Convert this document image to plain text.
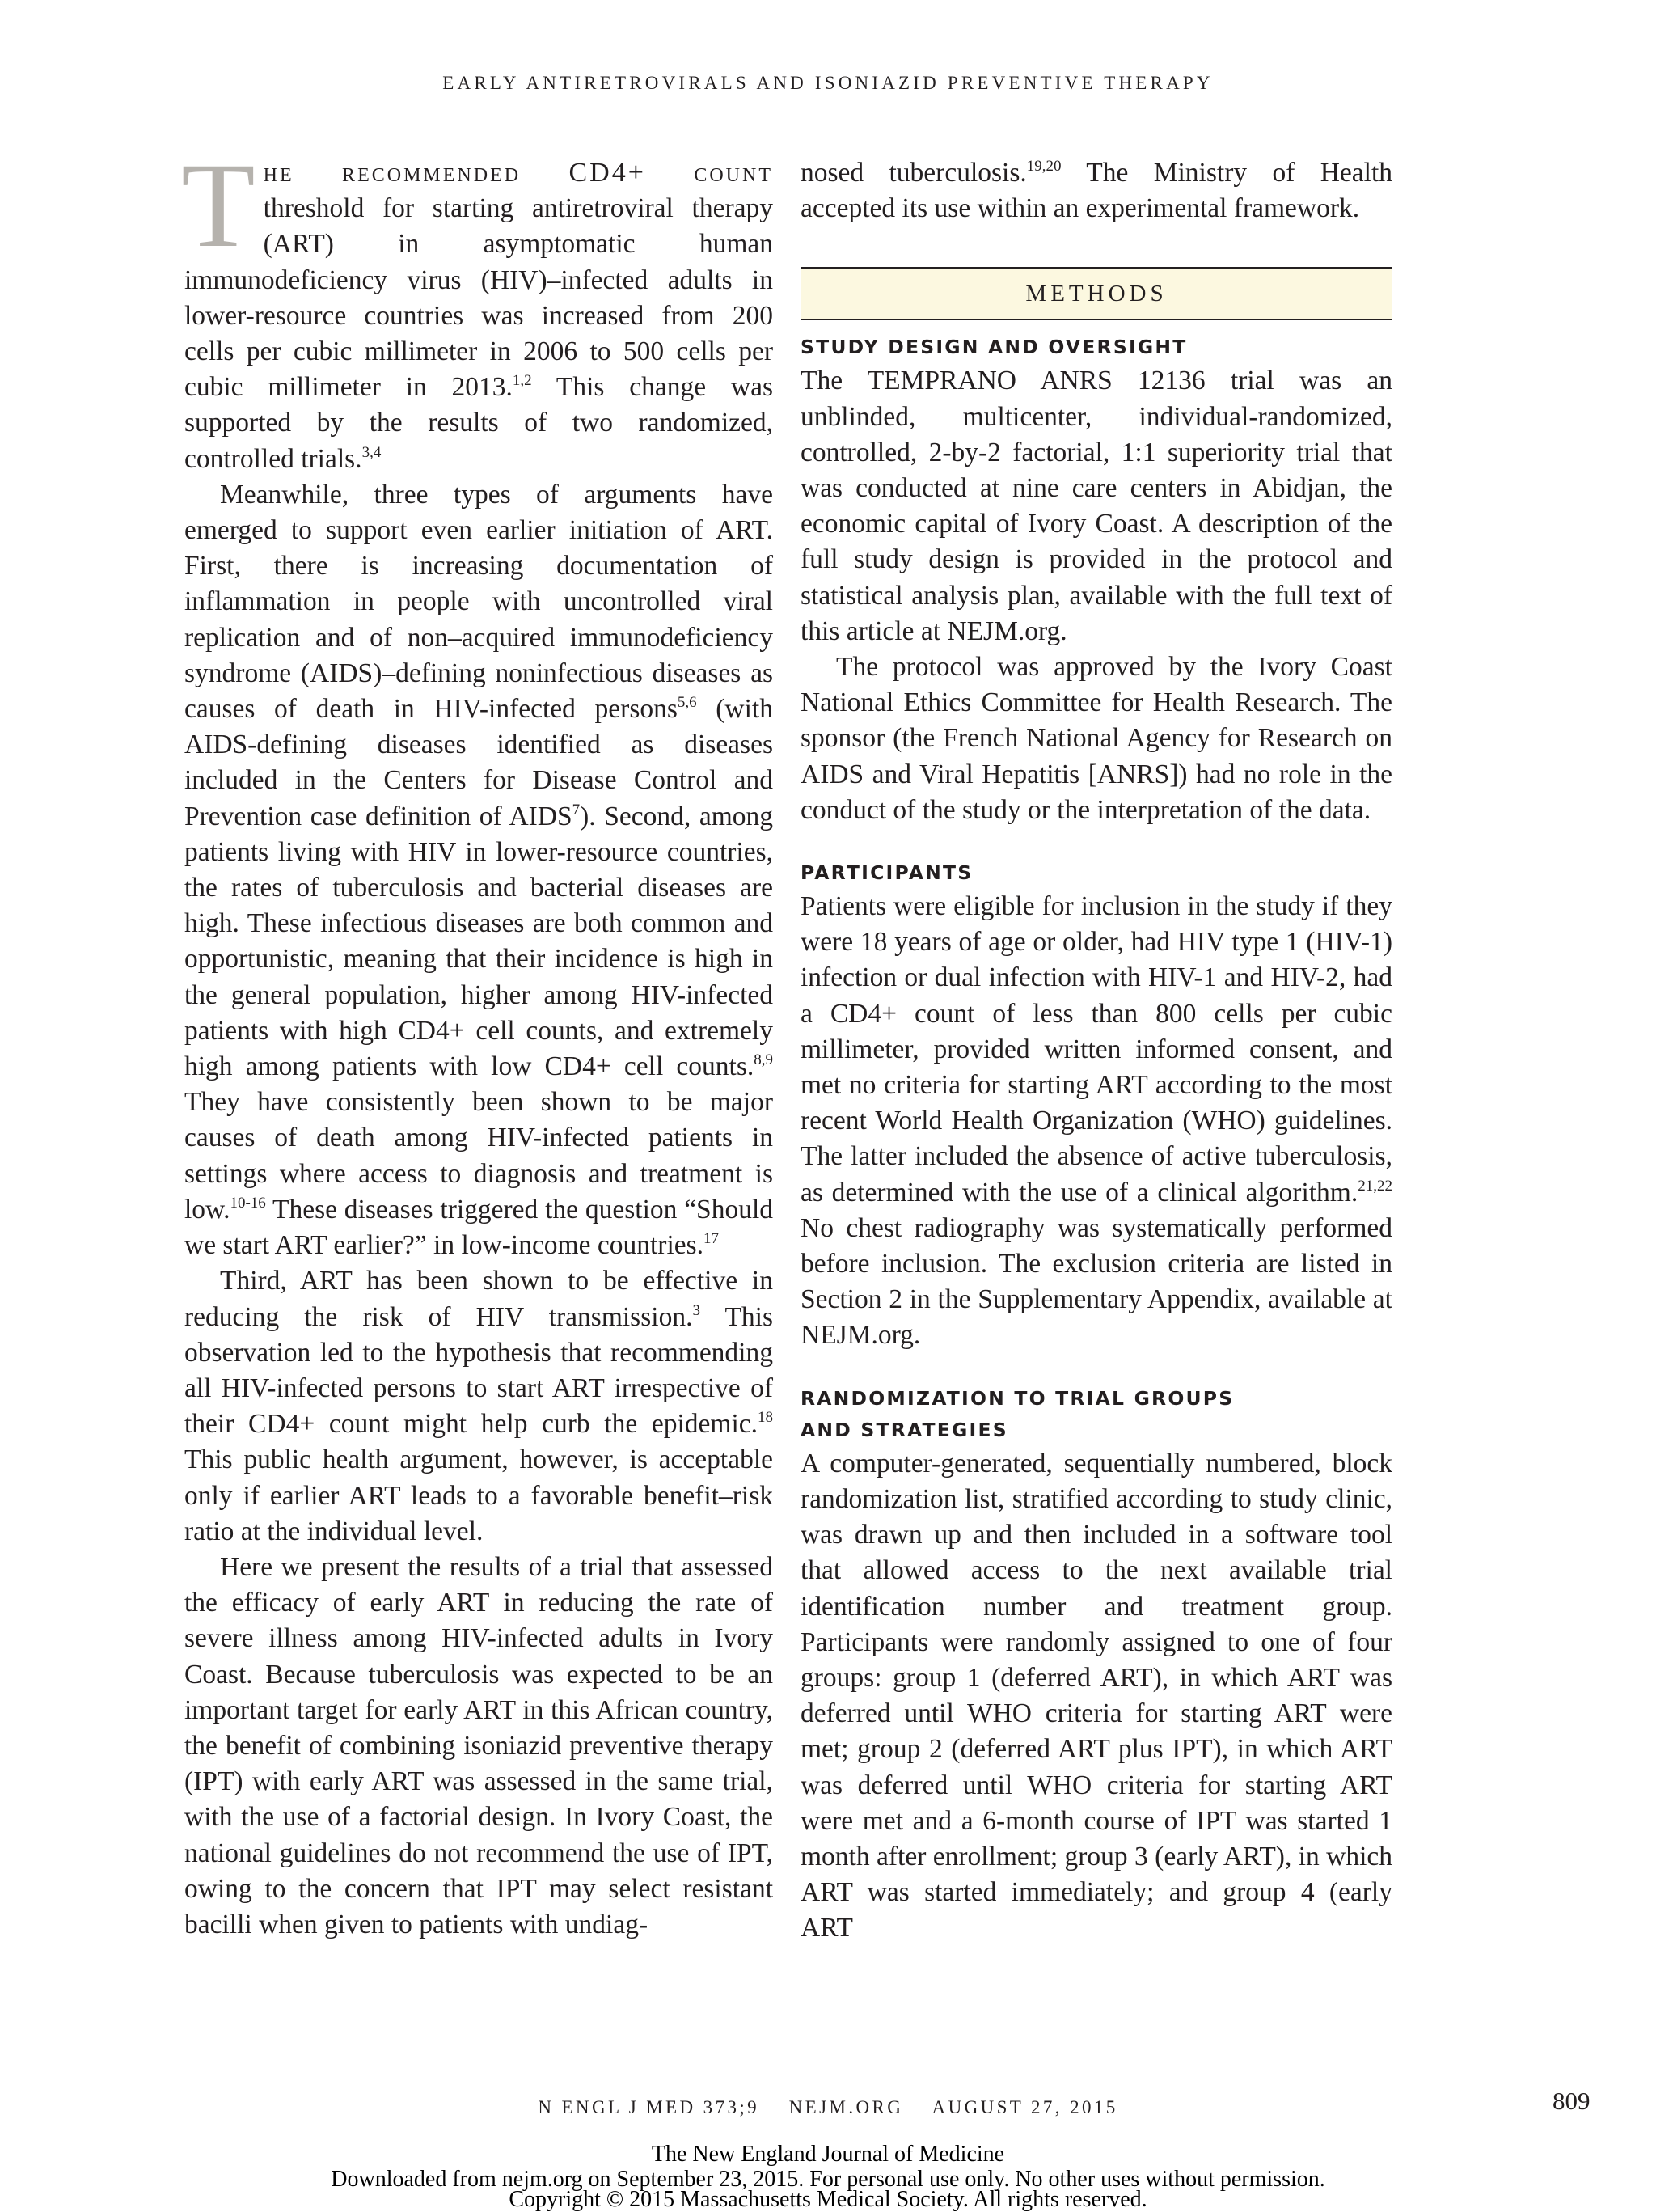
EARLY ANTIRETROVIRALS AND ISONIAZID PREVENTIVE THERAPY

The recommended CD4+ count threshold for starting antiretroviral therapy (ART) in asymptomatic human immunodeficiency virus (HIV)–infected adults in lower-resource countries was increased from 200 cells per cubic millimeter in 2006 to 500 cells per cubic millimeter in 2013.$^{1,2}$ This change was supported by the results of two randomized, controlled trials.$^{3,4}$

Meanwhile, three types of arguments have emerged to support even earlier initiation of ART. First, there is increasing documentation of inflammation in people with uncontrolled viral replication and of non–acquired immunodeficiency syndrome (AIDS)–defining noninfectious diseases as causes of death in HIV-infected persons$^{5,6}$ (with AIDS-defining diseases identified as diseases included in the Centers for Disease Control and Prevention case definition of AIDS$^7$). Second, among patients living with HIV in lower-resource countries, the rates of tuberculosis and bacterial diseases are high. These infectious diseases are both common and opportunistic, meaning that their incidence is high in the general population, higher among HIV-infected patients with high CD4+ cell counts, and extremely high among patients with low CD4+ cell counts.$^{8,9}$ They have consistently been shown to be major causes of death among HIV-infected patients in settings where access to diagnosis and treatment is low.$^{10-16}$ These diseases triggered the question “Should we start ART earlier?” in low-income countries.$^{17}$

Third, ART has been shown to be effective in reducing the risk of HIV transmission.$^3$ This observation led to the hypothesis that recommending all HIV-infected persons to start ART irrespective of their CD4+ count might help curb the epidemic.$^{18}$ This public health argument, however, is acceptable only if earlier ART leads to a favorable benefit–risk ratio at the individual level.

Here we present the results of a trial that assessed the efficacy of early ART in reducing the rate of severe illness among HIV-infected adults in Ivory Coast. Because tuberculosis was expected to be an important target for early ART in this African country, the benefit of combining isoniazid preventive therapy (IPT) with early ART was assessed in the same trial, with the use of a factorial design. In Ivory Coast, the national guidelines do not recommend the use of IPT, owing to the concern that IPT may select resistant bacilli when given to patients with undiag-

nosed tuberculosis.$^{19,20}$ The Ministry of Health accepted its use within an experimental framework.

METHODS

STUDY DESIGN AND OVERSIGHT

The TEMPRANO ANRS 12136 trial was an unblinded, multicenter, individual-randomized, controlled, 2-by-2 factorial, 1:1 superiority trial that was conducted at nine care centers in Abidjan, the economic capital of Ivory Coast. A description of the full study design is provided in the protocol and statistical analysis plan, available with the full text of this article at NEJM.org.

The protocol was approved by the Ivory Coast National Ethics Committee for Health Research. The sponsor (the French National Agency for Research on AIDS and Viral Hepatitis [ANRS]) had no role in the conduct of the study or the interpretation of the data.

PARTICIPANTS

Patients were eligible for inclusion in the study if they were 18 years of age or older, had HIV type 1 (HIV-1) infection or dual infection with HIV-1 and HIV-2, had a CD4+ count of less than 800 cells per cubic millimeter, provided written informed consent, and met no criteria for starting ART according to the most recent World Health Organization (WHO) guidelines. The latter included the absence of active tuberculosis, as determined with the use of a clinical algorithm.$^{21,22}$ No chest radiography was systematically performed before inclusion. The exclusion criteria are listed in Section 2 in the Supplementary Appendix, available at NEJM.org.

RANDOMIZATION TO TRIAL GROUPS
AND STRATEGIES

A computer-generated, sequentially numbered, block randomization list, stratified according to study clinic, was drawn up and then included in a software tool that allowed access to the next available trial identification number and treatment group. Participants were randomly assigned to one of four groups: group 1 (deferred ART), in which ART was deferred until WHO criteria for starting ART were met; group 2 (deferred ART plus IPT), in which ART was deferred until WHO criteria for starting ART were met and a 6-month course of IPT was started 1 month after enrollment; group 3 (early ART), in which ART was started immediately; and group 4 (early ART

N ENGL J MED 373;9    NEJM.ORG    AUGUST 27, 2015	809
The New England Journal of Medicine
Downloaded from nejm.org on September 23, 2015. For personal use only. No other uses without permission.
Copyright © 2015 Massachusetts Medical Society. All rights reserved.
